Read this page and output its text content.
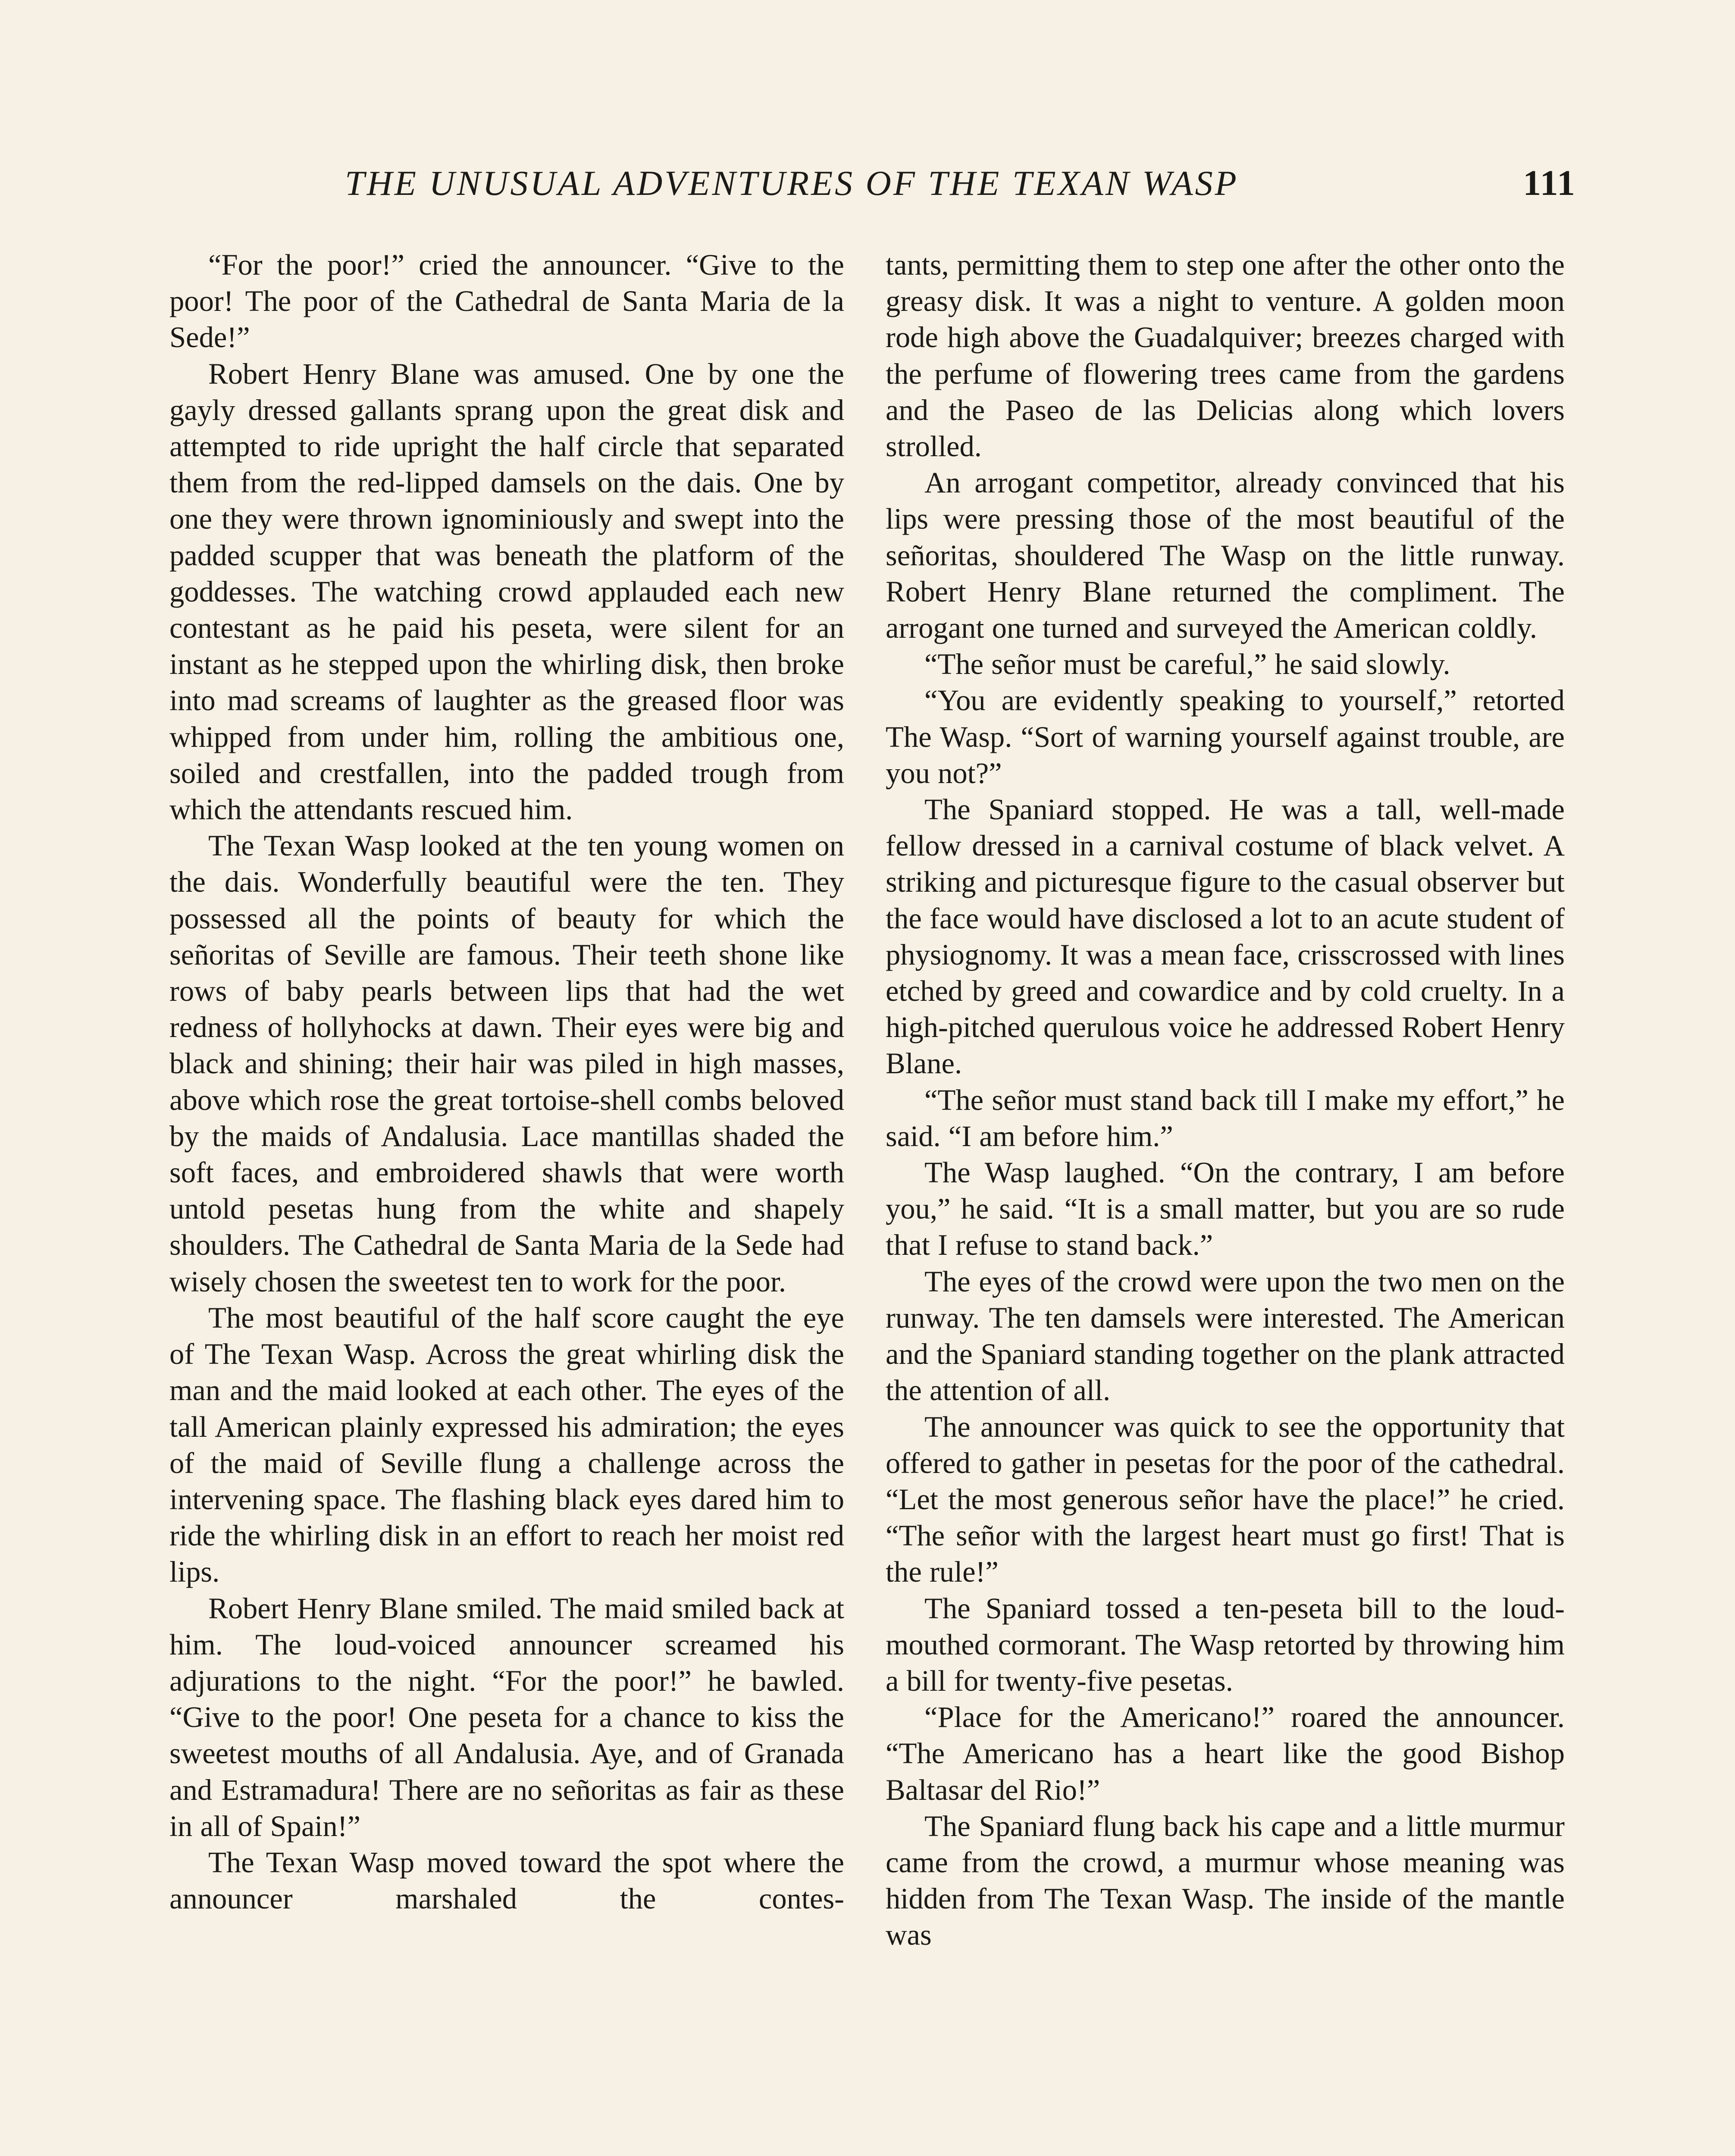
THE UNUSUAL ADVENTURES OF THE TEXAN WASP	111

“For the poor!” cried the announcer. “Give to the poor! The poor of the Cathedral de Santa Maria de la Sede!”

Robert Henry Blane was amused. One by one the gayly dressed gallants sprang upon the great disk and attempted to ride upright the half circle that separated them from the red-lipped damsels on the dais. One by one they were thrown ignominiously and swept into the padded scupper that was beneath the platform of the goddesses. The watching crowd applauded each new contestant as he paid his peseta, were silent for an instant as he stepped upon the whirling disk, then broke into mad screams of laughter as the greased floor was whipped from under him, rolling the ambitious one, soiled and crestfallen, into the padded trough from which the attendants rescued him.

The Texan Wasp looked at the ten young women on the dais. Wonderfully beautiful were the ten. They possessed all the points of beauty for which the señoritas of Seville are famous. Their teeth shone like rows of baby pearls between lips that had the wet redness of hollyhocks at dawn. Their eyes were big and black and shining; their hair was piled in high masses, above which rose the great tortoise-shell combs beloved by the maids of Andalusia. Lace mantillas shaded the soft faces, and embroidered shawls that were worth untold pesetas hung from the white and shapely shoulders. The Cathedral de Santa Maria de la Sede had wisely chosen the sweetest ten to work for the poor.

The most beautiful of the half score caught the eye of The Texan Wasp. Across the great whirling disk the man and the maid looked at each other. The eyes of the tall American plainly expressed his admiration; the eyes of the maid of Seville flung a challenge across the intervening space. The flashing black eyes dared him to ride the whirling disk in an effort to reach her moist red lips.

Robert Henry Blane smiled. The maid smiled back at him. The loud-voiced announcer screamed his adjurations to the night. “For the poor!” he bawled. “Give to the poor! One peseta for a chance to kiss the sweetest mouths of all Andalusia. Aye, and of Granada and Estramadura! There are no señoritas as fair as these in all of Spain!”

The Texan Wasp moved toward the spot where the announcer marshaled the contes-

tants, permitting them to step one after the other onto the greasy disk. It was a night to venture. A golden moon rode high above the Guadalquiver; breezes charged with the perfume of flowering trees came from the gardens and the Paseo de las Delicias along which lovers strolled.

An arrogant competitor, already convinced that his lips were pressing those of the most beautiful of the señoritas, shouldered The Wasp on the little runway. Robert Henry Blane returned the compliment. The arrogant one turned and surveyed the American coldly.

“The señor must be careful,” he said slowly.

“You are evidently speaking to yourself,” retorted The Wasp. “Sort of warning yourself against trouble, are you not?”

The Spaniard stopped. He was a tall, well-made fellow dressed in a carnival costume of black velvet. A striking and picturesque figure to the casual observer but the face would have disclosed a lot to an acute student of physiognomy. It was a mean face, crisscrossed with lines etched by greed and cowardice and by cold cruelty. In a high-pitched querulous voice he addressed Robert Henry Blane.

“The señor must stand back till I make my effort,” he said. “I am before him.”

The Wasp laughed. “On the contrary, I am before you,” he said. “It is a small matter, but you are so rude that I refuse to stand back.”

The eyes of the crowd were upon the two men on the runway. The ten damsels were interested. The American and the Spaniard standing together on the plank attracted the attention of all.

The announcer was quick to see the opportunity that offered to gather in pesetas for the poor of the cathedral. “Let the most generous señor have the place!” he cried. “The señor with the largest heart must go first! That is the rule!”

The Spaniard tossed a ten-peseta bill to the loud-mouthed cormorant. The Wasp retorted by throwing him a bill for twenty-five pesetas.

“Place for the Americano!” roared the announcer. “The Americano has a heart like the good Bishop Baltasar del Rio!”

The Spaniard flung back his cape and a little murmur came from the crowd, a murmur whose meaning was hidden from The Texan Wasp. The inside of the mantle was
